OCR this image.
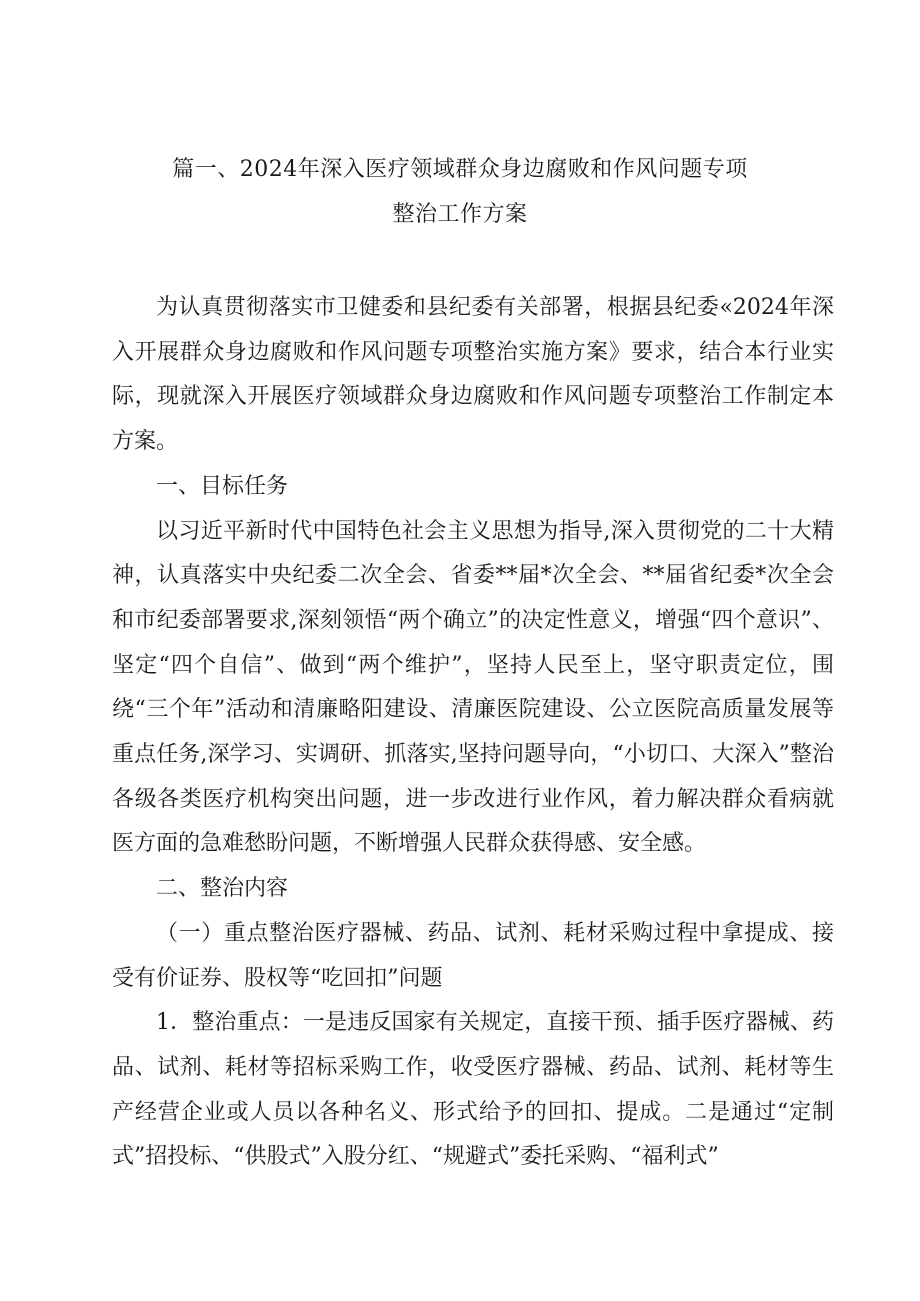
篇一、2024年深入医疗领域群众身边腐败和作风问题专项
整治工作方案

为认真贯彻落实市卫健委和县纪委有关部署，根据县纪委«2024年深入开展群众身边腐败和作风问题专项整治实施方案》要求，结合本行业实际，现就深入开展医疗领域群众身边腐败和作风问题专项整治工作制定本方案。

一、目标任务

以习近平新时代中国特色社会主义思想为指导,深入贯彻党的二十大精神，认真落实中央纪委二次全会、省委**届*次全会、**届省纪委*次全会和市纪委部署要求,深刻领悟“两个确立”的决定性意义，增强“四个意识”、坚定“四个自信”、做到“两个维护”，坚持人民至上，坚守职责定位，围绕“三个年”活动和清廉略阳建设、清廉医院建设、公立医院高质量发展等重点任务,深学习、实调研、抓落实,坚持问题导向，“小切口、大深入”整治各级各类医疗机构突出问题，进一步改进行业作风，着力解决群众看病就医方面的急难愁盼问题，不断增强人民群众获得感、安全感。

二、整治内容

（一）重点整治医疗器械、药品、试剂、耗材采购过程中拿提成、接受有价证券、股权等“吃回扣”问题

1．整治重点：一是违反国家有关规定，直接干预、插手医疗器械、药品、试剂、耗材等招标采购工作，收受医疗器械、药品、试剂、耗材等生产经营企业或人员以各种名义、形式给予的回扣、提成。二是通过“定制式”招投标、“供股式”入股分红、“规避式”委托采购、“福利式”
